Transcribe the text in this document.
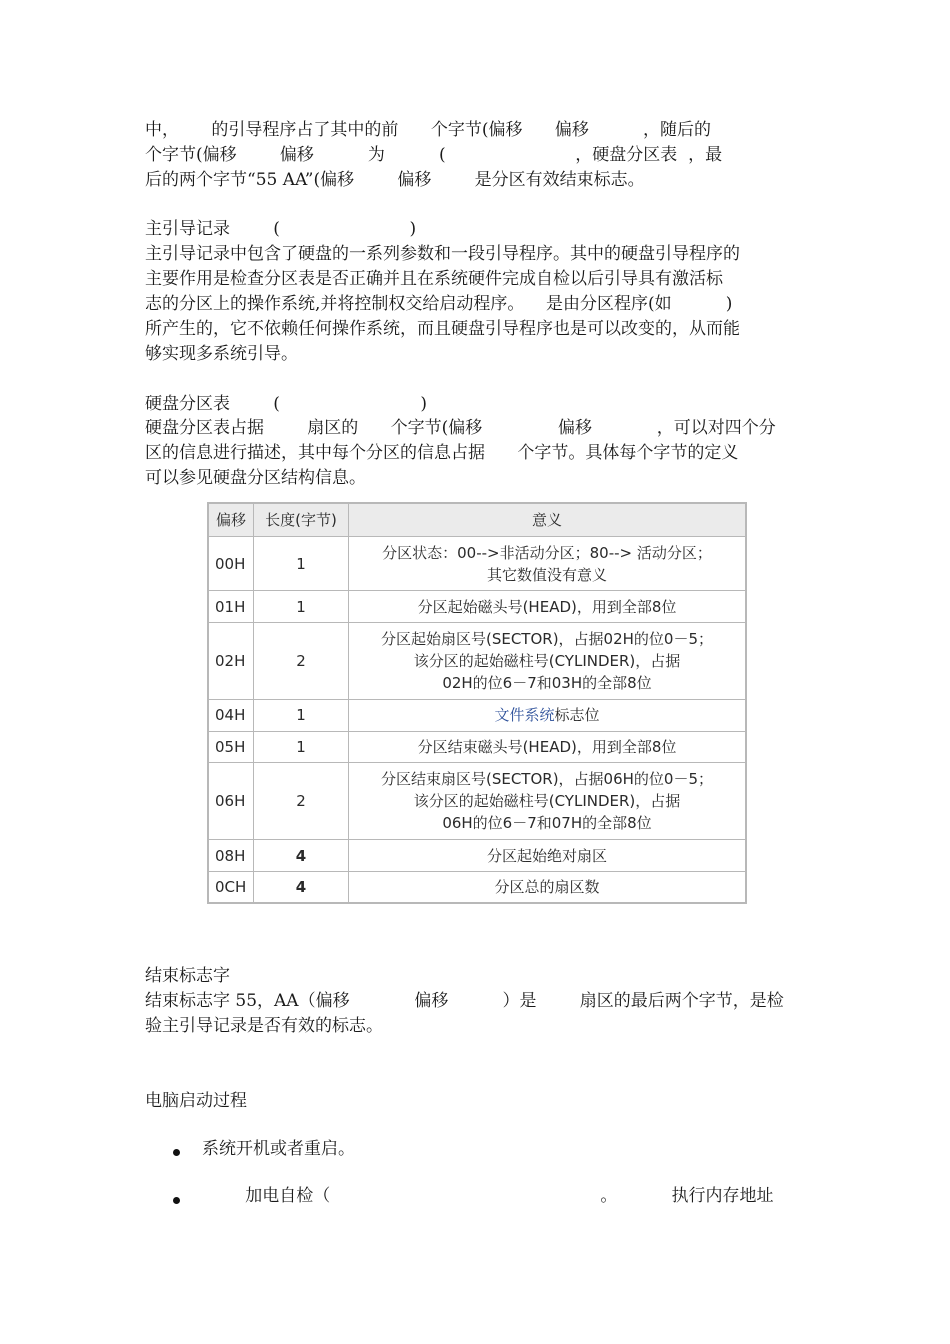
中，      的引导程序占了其中的前      个字节(偏移      偏移          ，随后的
个字节(偏移        偏移          为          (                        ，硬盘分区表  ，最
后的两个字节“55 AA”(偏移        偏移        是分区有效结束标志。
主引导记录        (                        )
主引导记录中包含了硬盘的一系列参数和一段引导程序。其中的硬盘引导程序的
主要作用是检查分区表是否正确并且在系统硬件完成自检以后引导具有激活标
志的分区上的操作系统,并将控制权交给启动程序。    是由分区程序(如          )
所产生的，它不依赖任何操作系统，而且硬盘引导程序也是可以改变的，从而能
够实现多系统引导。
硬盘分区表        (                          )
硬盘分区表占据        扇区的      个字节(偏移              偏移            ，可以对四个分
区的信息进行描述，其中每个分区的信息占据      个字节。具体每个字节的定义
可以参见硬盘分区结构信息。
偏移	长度(字节)	意义
00H	1	分区状态：00-->非活动分区；80--> 活动分区；
其它数值没有意义

01H	1	分区起始磁头号(HEAD)，用到全部8位
02H	2	分区起始扇区号(SECTOR)，占据02H的位0－5；
该分区的起始磁柱号(CYLINDER)，占据
02H的位6－7和03H的全部8位

04H	1	文件系统标志位
05H	1	分区结束磁头号(HEAD)，用到全部8位
06H	2	分区结束扇区号(SECTOR)，占据06H的位0－5；
该分区的起始磁柱号(CYLINDER)，占据
06H的位6－7和07H的全部8位

08H	4	分区起始绝对扇区
0CH	4	分区总的扇区数
结束标志字
结束标志字 55，AA（偏移            偏移          ）是        扇区的最后两个字节，是检
验主引导记录是否有效的标志。
电脑启动过程
系统开机或者重启。
加电自检（                                                  。          执行内存地址
